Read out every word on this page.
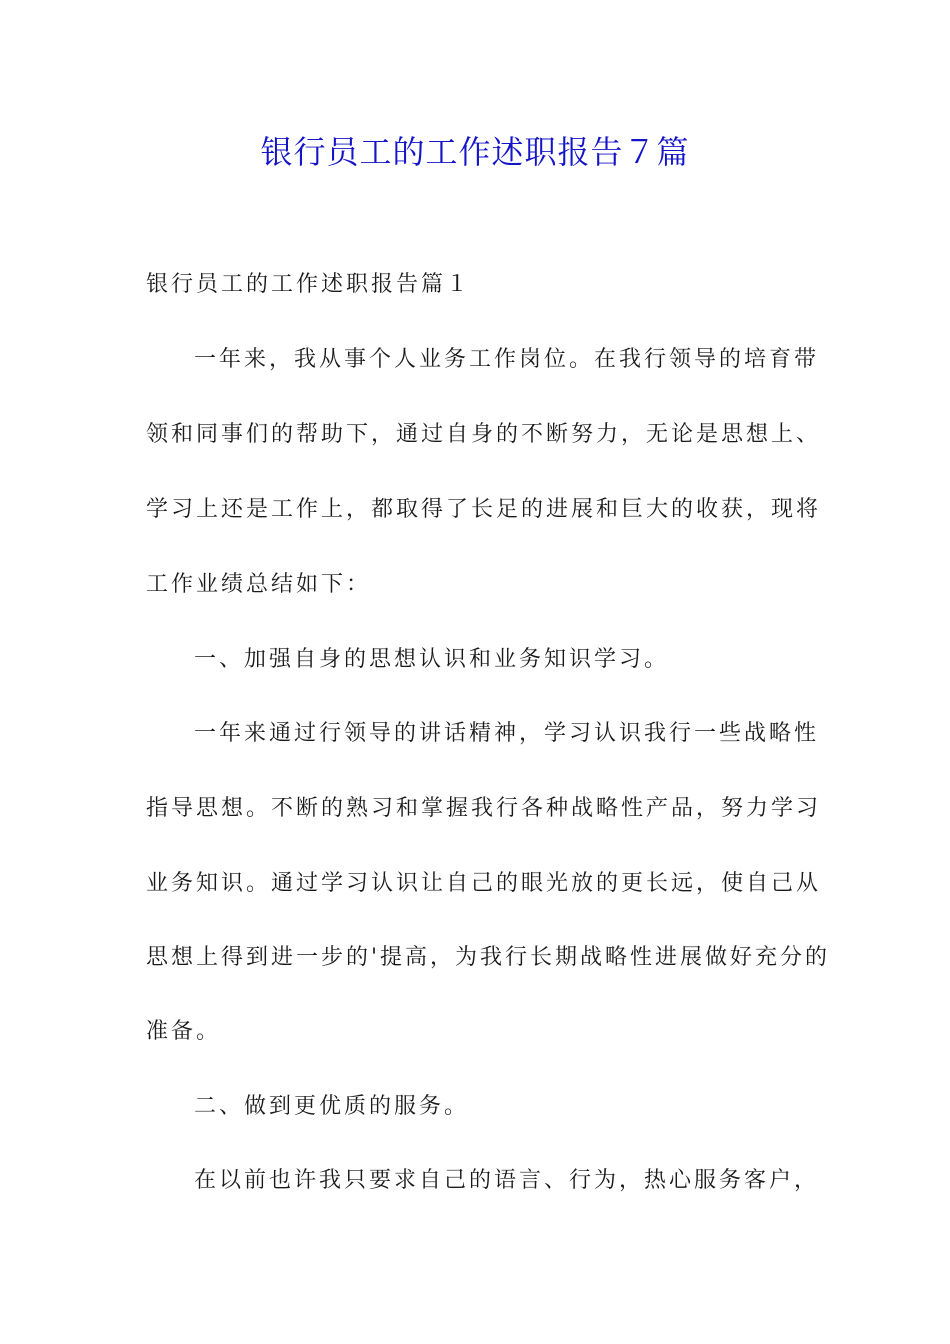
银行员工的工作述职报告７篇
银行员工的工作述职报告篇１
一年来，我从事个人业务工作岗位。在我行领导的培育带
领和同事们的帮助下，通过自身的不断努力，无论是思想上、
学习上还是工作上，都取得了长足的进展和巨大的收获，现将
工作业绩总结如下：
一、加强自身的思想认识和业务知识学习。
一年来通过行领导的讲话精神，学习认识我行一些战略性
指导思想。不断的熟习和掌握我行各种战略性产品，努力学习
业务知识。通过学习认识让自己的眼光放的更长远，使自己从
思想上得到进一步的'提高，为我行长期战略性进展做好充分的
准备。
二、做到更优质的服务。
在以前也许我只要求自己的语言、行为，热心服务客户，
